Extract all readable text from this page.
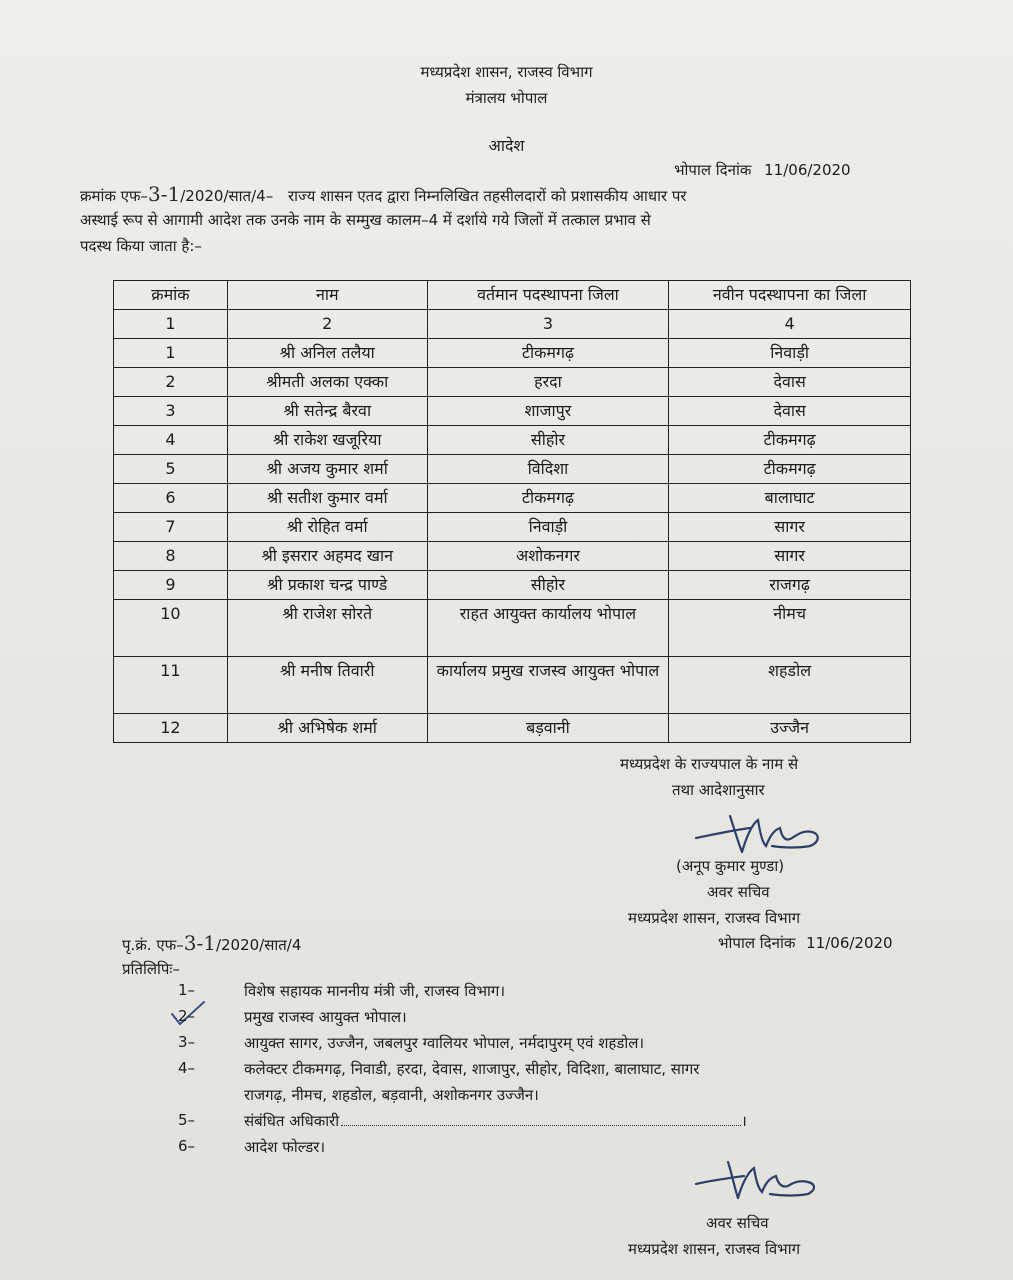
मध्यप्रदेश शासन, राजस्व विभाग
मंत्रालय भोपाल
आदेश
भोपाल दिनांक 11/06/2020
क्रमांक एफ–3-1/2020/सात/4– राज्य शासन एतद द्वारा निम्नलिखित तहसीलदारों को प्रशासकीय आधार पर
अस्थाई रूप से आगामी आदेश तक उनके नाम के सम्मुख कालम–4 में दर्शाये गये जिलों में तत्काल प्रभाव से
पदस्थ किया जाता है:–
क्रमांक	नाम	वर्तमान पदस्थापना जिला	नवीन पदस्थापना का जिला
1	2	3	4
1	श्री अनिल तलैया	टीकमगढ़	निवाड़ी
2	श्रीमती अलका एक्का	हरदा	देवास
3	श्री सतेन्द्र बैरवा	शाजापुर	देवास
4	श्री राकेश खजूरिया	सीहोर	टीकमगढ़
5	श्री अजय कुमार शर्मा	विदिशा	टीकमगढ़
6	श्री सतीश कुमार वर्मा	टीकमगढ़	बालाघाट
7	श्री रोहित वर्मा	निवाड़ी	सागर
8	श्री इसरार अहमद खान	अशोकनगर	सागर
9	श्री प्रकाश चन्द्र पाण्डे	सीहोर	राजगढ़
10	श्री राजेश सोरते	राहत आयुक्त कार्यालय भोपाल	नीमच
11	श्री मनीष तिवारी	कार्यालय प्रमुख राजस्व आयुक्त भोपाल	शहडोल
12	श्री अभिषेक शर्मा	बड़वानी	उज्जैन
मध्यप्रदेश के राज्यपाल के नाम से
तथा आदेशानुसार
(अनूप कुमार मुण्डा)
अवर सचिव
मध्यप्रदेश शासन, राजस्व विभाग
पृ.क्रं. एफ–3-1/2020/सात/4	भोपाल दिनांक 11/06/2020
प्रतिलिपिः–
1–	विशेष सहायक माननीय मंत्री जी, राजस्व विभाग।
2–	प्रमुख राजस्व आयुक्त भोपाल।
3–	आयुक्त सागर, उज्जैन, जबलपुर ग्वालियर भोपाल, नर्मदापुरम् एवं शहडोल।
4–	कलेक्टर टीकमगढ़, निवाडी, हरदा, देवास, शाजापुर, सीहोर, विदिशा, बालाघाट, सागर
राजगढ़, नीमच, शहडोल, बड़वानी, अशोकनगर उज्जैन।
5–	संबंधित अधिकारी	।
6–	आदेश फोल्डर।
अवर सचिव
मध्यप्रदेश शासन, राजस्व विभाग
